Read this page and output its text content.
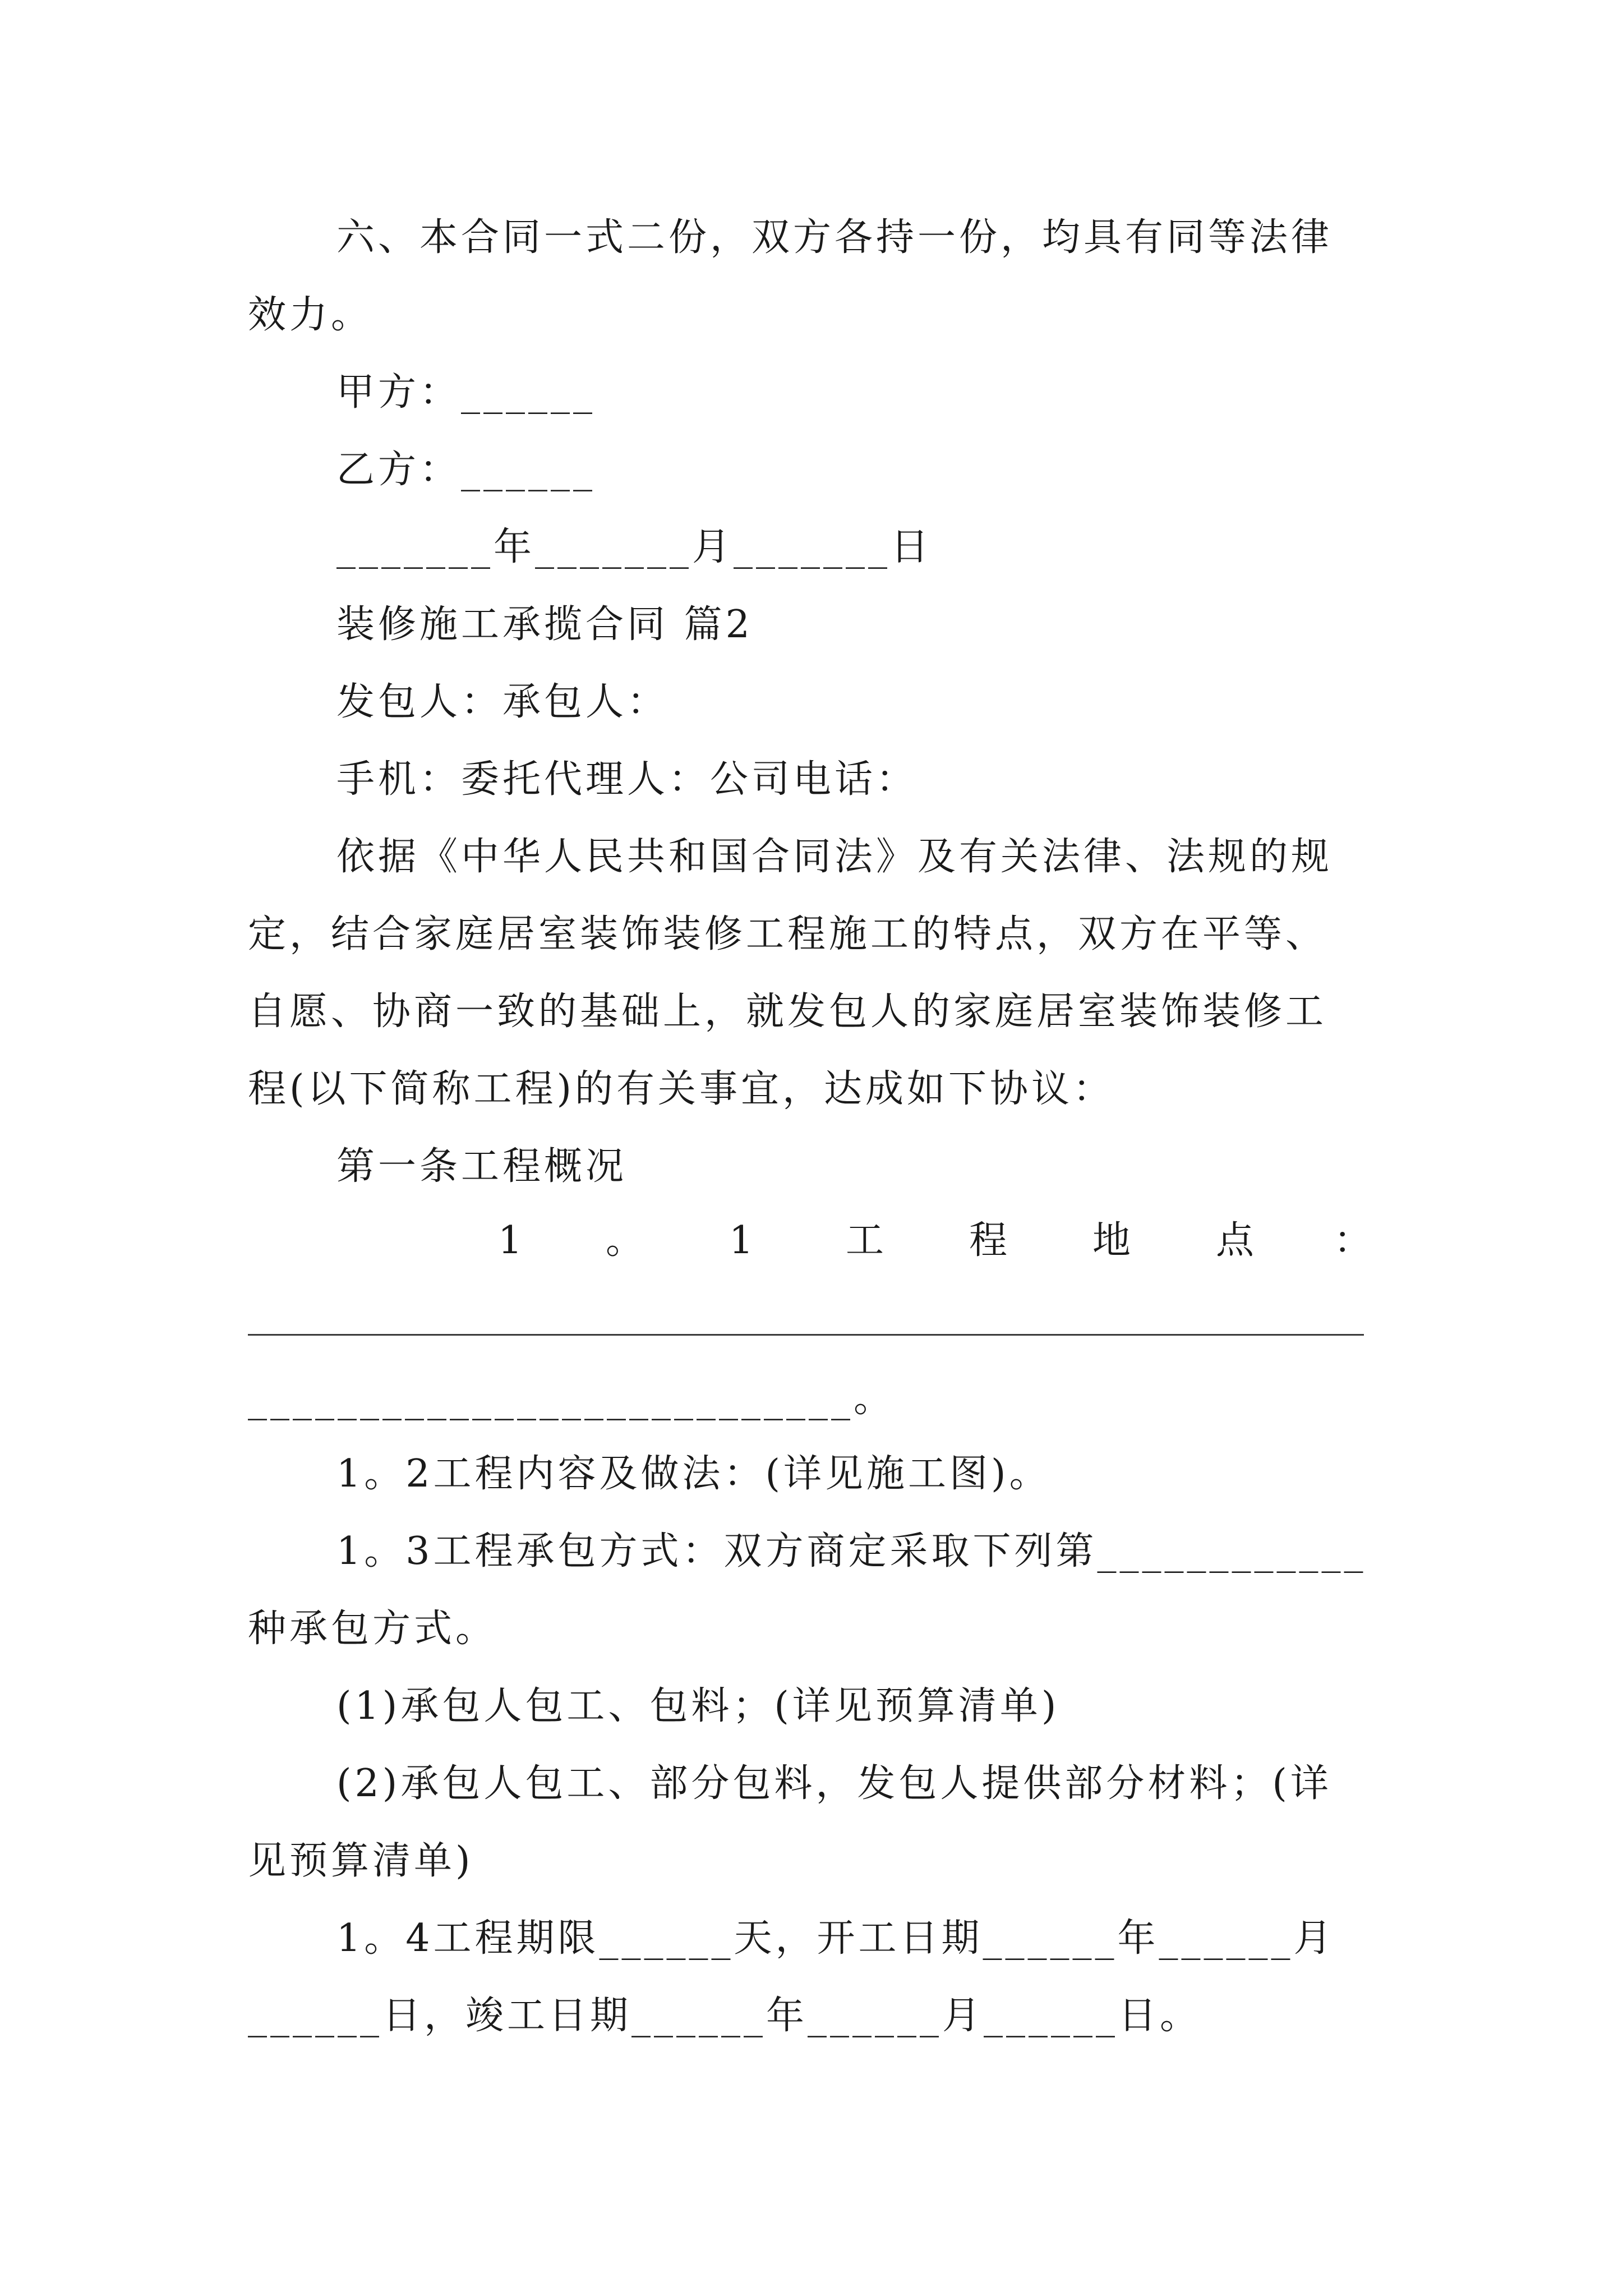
六、本合同一式二份，双方各持一份，均具有同等法律
效力。
甲方：______
乙方：______
_______年_______月_______日
装修施工承揽合同 篇2
发包人：承包人：
手机：委托代理人：公司电话：
依据《中华人民共和国合同法》及有关法律、法规的规
定，结合家庭居室装饰装修工程施工的特点，双方在平等、
自愿、协商一致的基础上，就发包人的家庭居室装饰装修工
程(以下简称工程)的有关事宜，达成如下协议：
第一条工程概况
1 。 1 工 程 地 点 ：
___________________________。
1。2工程内容及做法：(详见施工图)。
1。3工程承包方式：双方商定采取下列第____________
种承包方式。
(1)承包人包工、包料；(详见预算清单)
(2)承包人包工、部分包料，发包人提供部分材料；(详
见预算清单)
1。4工程期限______天，开工日期______年______月
______日，竣工日期______年______月______日。
